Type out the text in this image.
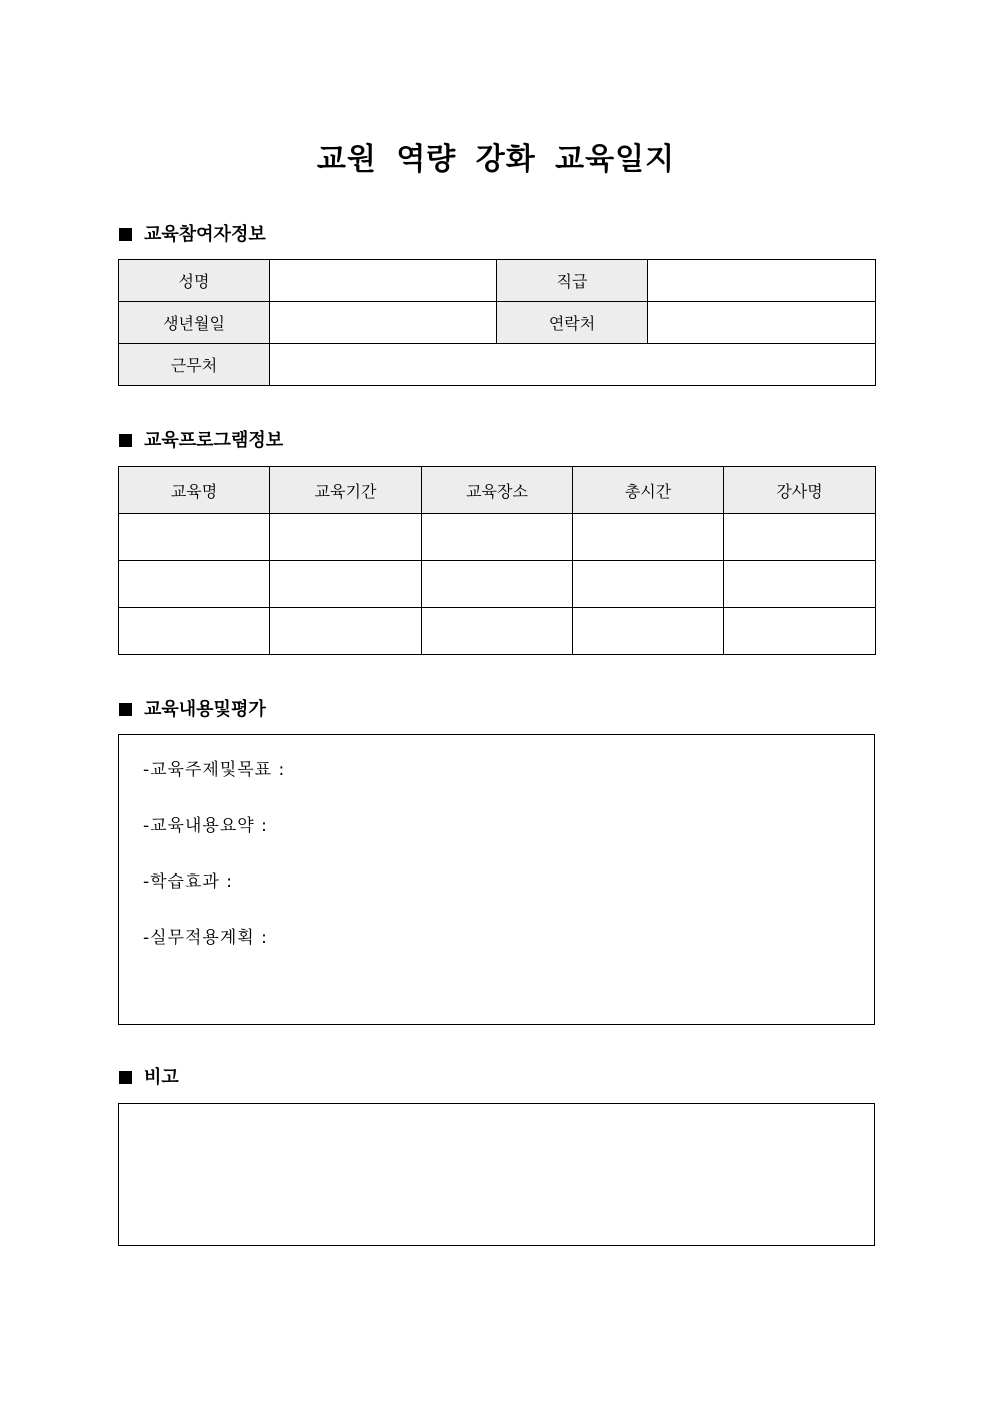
교원 역량 강화 교육일지
교육참여자정보
성명		직급	
생년월일		연락처	
근무처			
교육프로그램정보
교육명	교육기간	교육장소	총시간	강사명

교육내용및평가
-교육주제및목표 :
-교육내용요약 :
-학습효과 :
-실무적용계획 :
비고
